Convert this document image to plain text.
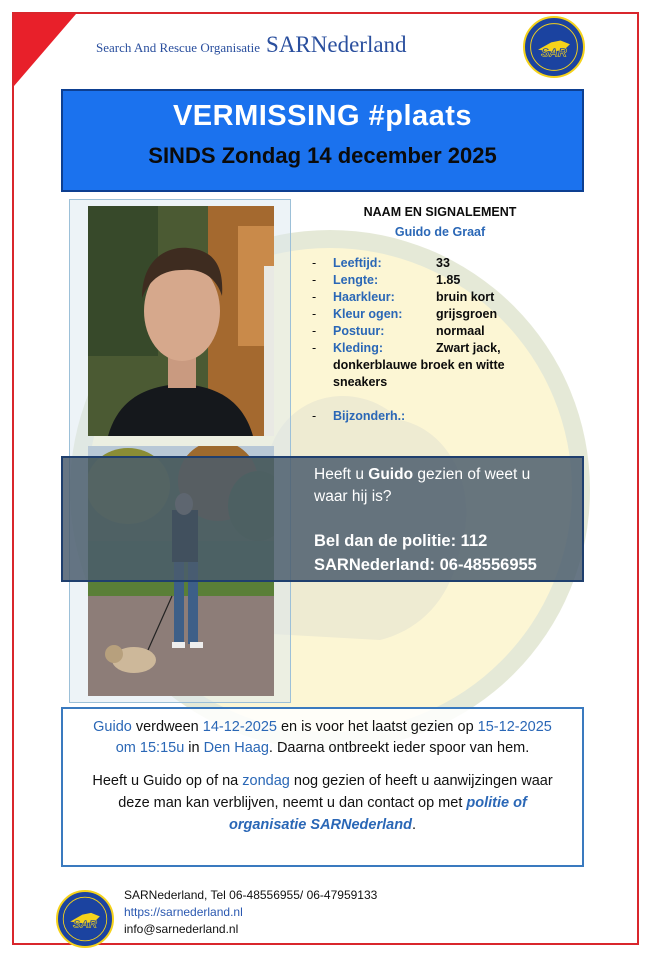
Search And Rescue Organisatie SARNederland	SAR
VERMISSING #plaats
SINDS Zondag 14 december 2025
NAAM EN SIGNALEMENT
Guido de Graaf
- Leeftijd:	33
- Lengte:	1.85
- Haarkleur:	bruin kort
- Kleur ogen:	grijsgroen
- Postuur:	normaal
- Kleding:	Zwart jack,
donkerblauwe broek en witte sneakers
- Bijzonderh.:
Heeft u Guido gezien of weet u waar hij is?
Bel dan de politie: 112
SARNederland: 06-48556955
Guido verdween 14-12-2025 en is voor het laatst gezien op 15-12-2025
om 15:15u in Den Haag. Daarna ontbreekt ieder spoor van hem.
Heeft u Guido op of na zondag nog gezien of heeft u aanwijzingen waar deze man kan verblijven, neemt u dan contact op met politie of organisatie SARNederland.
SAR
SARNederland, Tel 06-48556955/ 06-47959133
https://sarnederland.nl
info@sarnederland.nl
